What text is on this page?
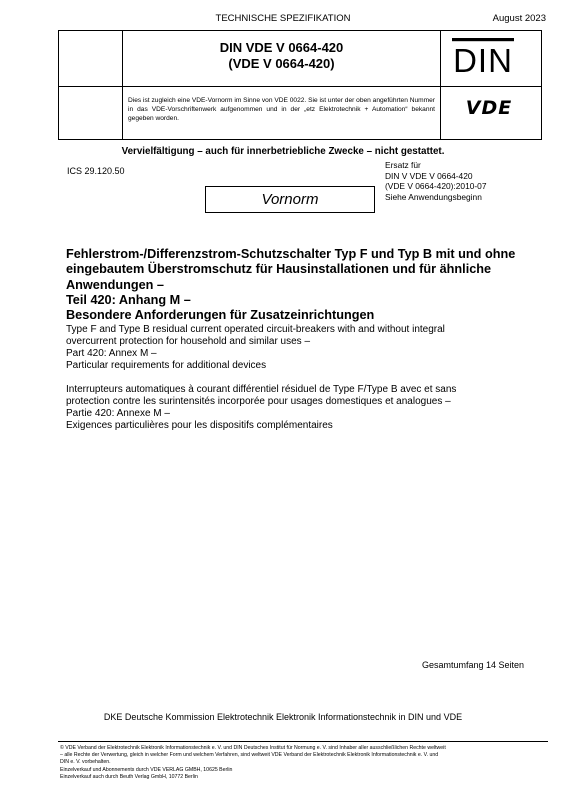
TECHNISCHE SPEZIFIKATION	August 2023
DIN VDE V 0664-420
(VDE V 0664-420)
Dies ist zugleich eine VDE-Vornorm im Sinne von VDE 0022. Sie ist unter der oben angeführten Nummer in das VDE-Vorschriftenwerk aufgenommen und in der „etz Elektrotechnik + Automation“ bekannt gegeben worden.
DIN
VDE
Vervielfältigung – auch für innerbetriebliche Zwecke – nicht gestattet.
ICS 29.120.50
Ersatz für
DIN V VDE V 0664-420
(VDE V 0664-420):2010-07
Siehe Anwendungsbeginn
Vornorm
Fehlerstrom-/Differenzstrom-Schutzschalter Typ F und Typ B mit und ohne
eingebautem Überstromschutz für Hausinstallationen und für ähnliche
Anwendungen –
Teil 420: Anhang M –
Besondere Anforderungen für Zusatzeinrichtungen
Type F and Type B residual current operated circuit-breakers with and without integral
overcurrent protection for household and similar uses –
Part 420: Annex M –
Particular requirements for additional devices
Interrupteurs automatiques à courant différentiel résiduel de Type F/Type B avec et sans
protection contre les surintensités incorporée pour usages domestiques et analogues –
Partie 420: Annexe M –
Exigences particulières pour les dispositifs complémentaires
Gesamtumfang 14 Seiten
DKE Deutsche Kommission Elektrotechnik Elektronik Informationstechnik in DIN und VDE
© VDE Verband der Elektrotechnik Elektronik Informationstechnik e. V. und DIN Deutsches Institut für Normung e. V. sind Inhaber aller ausschließlichen Rechte weltweit
– alle Rechte der Verwertung, gleich in welcher Form und welchem Verfahren, sind weltweit VDE Verband der Elektrotechnik Elektronik Informationstechnik e. V. und
DIN e. V. vorbehalten.
Einzelverkauf und Abonnements durch VDE VERLAG GMBH, 10625 Berlin
Einzelverkauf auch durch Beuth Verlag GmbH, 10772 Berlin
